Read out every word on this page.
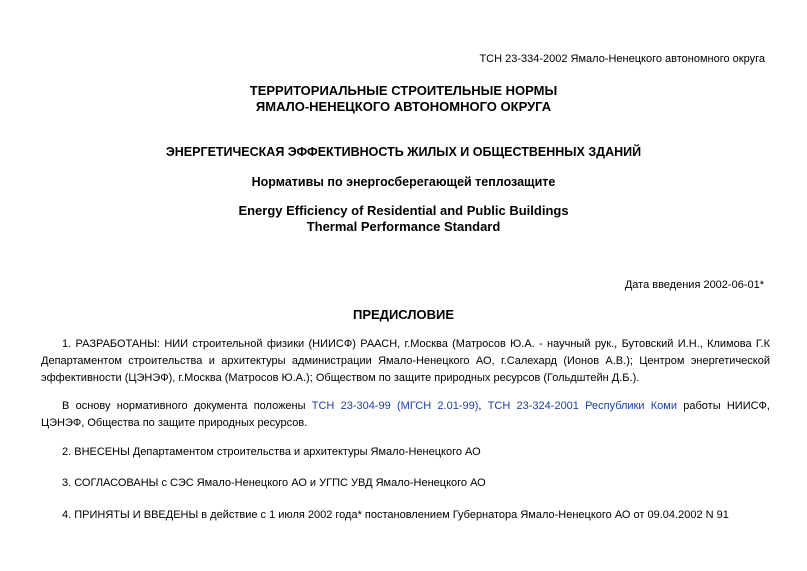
ТСН 23-334-2002 Ямало-Ненецкого автономного округа
ТЕРРИТОРИАЛЬНЫЕ СТРОИТЕЛЬНЫЕ НОРМЫ
ЯМАЛО-НЕНЕЦКОГО АВТОНОМНОГО ОКРУГА
ЭНЕРГЕТИЧЕСКАЯ ЭФФЕКТИВНОСТЬ ЖИЛЫХ И ОБЩЕСТВЕННЫХ ЗДАНИЙ
Нормативы по энергосберегающей теплозащите
Energy Efficiency of Residential and Public Buildings
Thermal Performance Standard
Дата введения 2002-06-01*
ПРЕДИСЛОВИЕ
1. РАЗРАБОТАНЫ: НИИ строительной физики (НИИСФ) РААСН, г.Москва (Матросов Ю.А. - научный рук., Бутовский И.Н., Климова Г.К Департаментом строительства и архитектуры администрации Ямало-Ненецкого АО, г.Салехард (Ионов А.В.); Центром энергетической эффективности (ЦЭНЭФ), г.Москва (Матросов Ю.А.); Обществом по защите природных ресурсов (Гольдштейн Д.Б.).
В основу нормативного документа положены ТСН 23-304-99 (МГСН 2.01-99), ТСН 23-324-2001 Республики Коми работы НИИСФ, ЦЭНЭФ, Общества по защите природных ресурсов.
2. ВНЕСЕНЫ Департаментом строительства и архитектуры Ямало-Ненецкого АО
3. СОГЛАСОВАНЫ с СЭС Ямало-Ненецкого АО и УГПС УВД Ямало-Ненецкого АО
4. ПРИНЯТЫ И ВВЕДЕНЫ в действие с 1 июля 2002 года* постановлением Губернатора Ямало-Ненецкого АО от 09.04.2002 N 91
